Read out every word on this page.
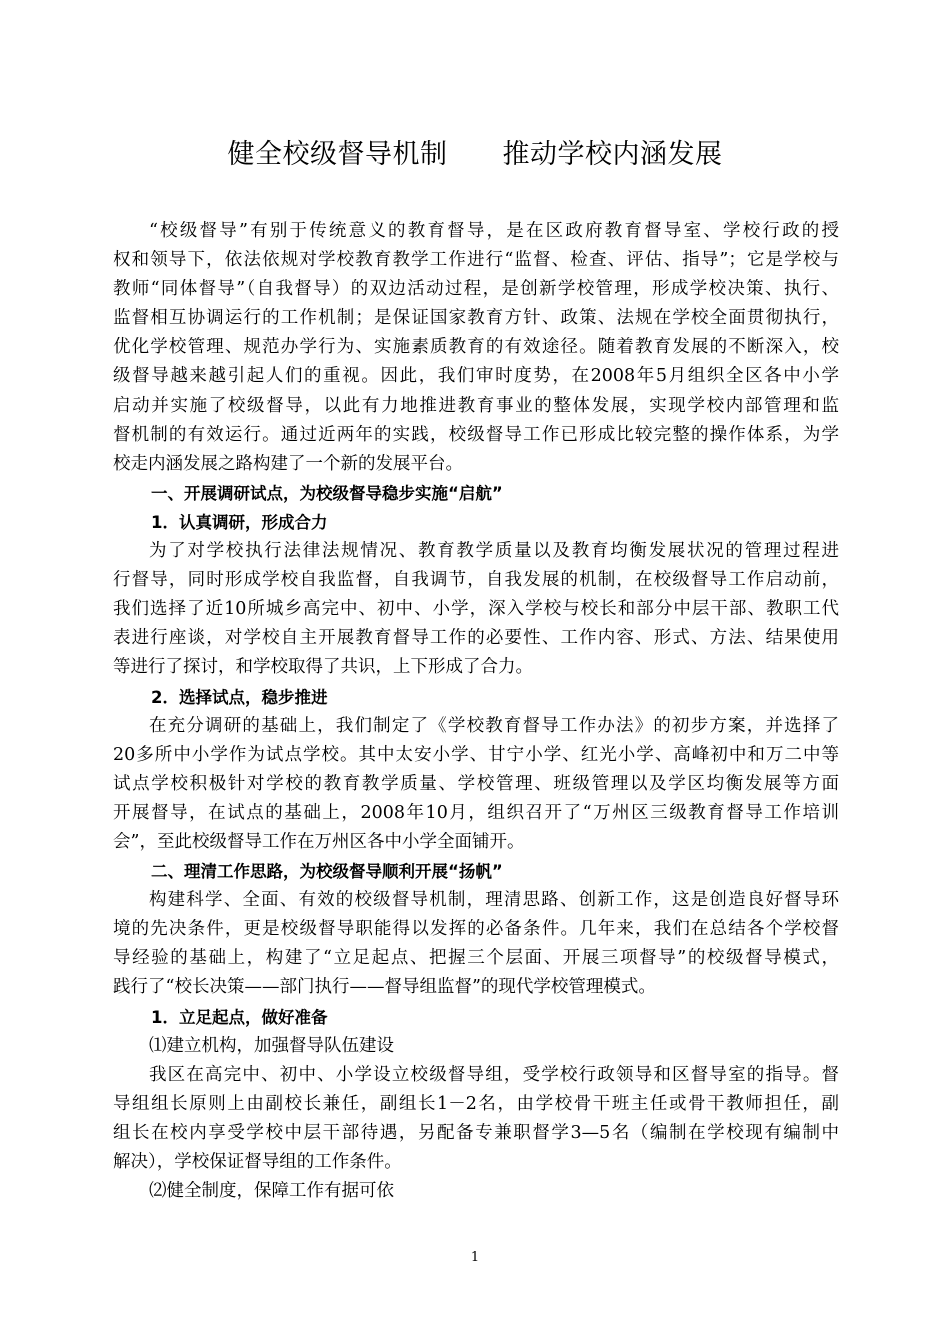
健全校级督导机制　　推动学校内涵发展
“校级督导”有别于传统意义的教育督导，是在区政府教育督导室、学校行政的授
权和领导下，依法依规对学校教育教学工作进行“监督、检查、评估、指导”；它是学校与
教师“同体督导”（自我督导）的双边活动过程，是创新学校管理，形成学校决策、执行、
监督相互协调运行的工作机制；是保证国家教育方针、政策、法规在学校全面贯彻执行，
优化学校管理、规范办学行为、实施素质教育的有效途径。随着教育发展的不断深入，校
级督导越来越引起人们的重视。因此，我们审时度势，在2008年5月组织全区各中小学
启动并实施了校级督导，以此有力地推进教育事业的整体发展，实现学校内部管理和监
督机制的有效运行。通过近两年的实践，校级督导工作已形成比较完整的操作体系，为学
校走内涵发展之路构建了一个新的发展平台。
一、开展调研试点，为校级督导稳步实施“启航”
1．认真调研，形成合力
为了对学校执行法律法规情况、教育教学质量以及教育均衡发展状况的管理过程进
行督导，同时形成学校自我监督，自我调节，自我发展的机制，在校级督导工作启动前，
我们选择了近10所城乡高完中、初中、小学，深入学校与校长和部分中层干部、教职工代
表进行座谈，对学校自主开展教育督导工作的必要性、工作内容、形式、方法、结果使用
等进行了探讨，和学校取得了共识，上下形成了合力。
2．选择试点，稳步推进
在充分调研的基础上，我们制定了《学校教育督导工作办法》的初步方案，并选择了
20多所中小学作为试点学校。其中太安小学、甘宁小学、红光小学、高峰初中和万二中等
试点学校积极针对学校的教育教学质量、学校管理、班级管理以及学区均衡发展等方面
开展督导，在试点的基础上，2008年10月，组织召开了“万州区三级教育督导工作培训
会”，至此校级督导工作在万州区各中小学全面铺开。
二、理清工作思路，为校级督导顺利开展“扬帆”
构建科学、全面、有效的校级督导机制，理清思路、创新工作，这是创造良好督导环
境的先决条件，更是校级督导职能得以发挥的必备条件。几年来，我们在总结各个学校督
导经验的基础上，构建了“立足起点、把握三个层面、开展三项督导”的校级督导模式，
践行了“校长决策——部门执行——督导组监督”的现代学校管理模式。
1．立足起点，做好准备
⑴建立机构，加强督导队伍建设
我区在高完中、初中、小学设立校级督导组，受学校行政领导和区督导室的指导。督
导组组长原则上由副校长兼任，副组长1－2名，由学校骨干班主任或骨干教师担任，副
组长在校内享受学校中层干部待遇，另配备专兼职督学3—5名（编制在学校现有编制中
解决），学校保证督导组的工作条件。
⑵健全制度，保障工作有据可依
1
